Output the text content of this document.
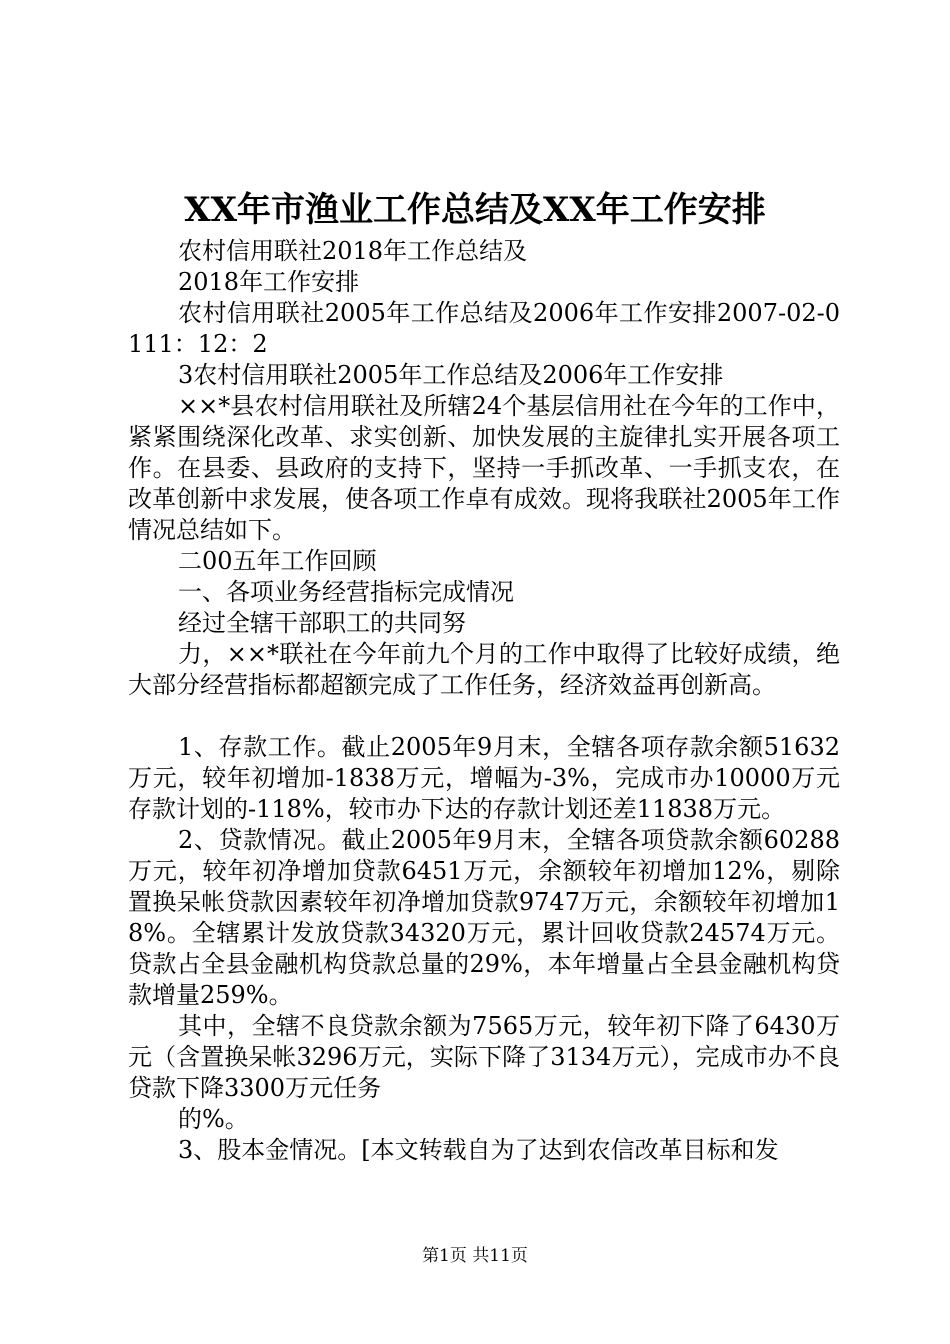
XX年市渔业工作总结及XX年工作安排

农村信用联社2018年工作总结及

2018年工作安排

农村信用联社2005年工作总结及2006年工作安排2007-02-0111：12：2

3农村信用联社2005年工作总结及2006年工作安排

××*县农村信用联社及所辖24个基层信用社在今年的工作中，紧紧围绕深化改革、求实创新、加快发展的主旋律扎实开展各项工作。在县委、县政府的支持下，坚持一手抓改革、一手抓支农，在改革创新中求发展，使各项工作卓有成效。现将我联社2005年工作情况总结如下。

二00五年工作回顾

一、各项业务经营指标完成情况

经过全辖干部职工的共同努

力，××*联社在今年前九个月的工作中取得了比较好成绩，绝大部分经营指标都超额完成了工作任务，经济效益再创新高。

1、存款工作。截止2005年9月末，全辖各项存款余额51632万元，较年初增加-1838万元，增幅为-3%，完成市办10000万元存款计划的-118%，较市办下达的存款计划还差11838万元。

2、贷款情况。截止2005年9月末，全辖各项贷款余额60288万元，较年初净增加贷款6451万元，余额较年初增加12%，剔除置换呆帐贷款因素较年初净增加贷款9747万元，余额较年初增加18%。全辖累计发放贷款34320万元，累计回收贷款24574万元。贷款占全县金融机构贷款总量的29%，本年增量占全县金融机构贷款增量259%。

其中，全辖不良贷款余额为7565万元，较年初下降了6430万元（含置换呆帐3296万元，实际下降了3134万元），完成市办不良贷款下降3300万元任务

的%。

3、股本金情况。[本文转载自为了达到农信改革目标和发

第1页 共11页
